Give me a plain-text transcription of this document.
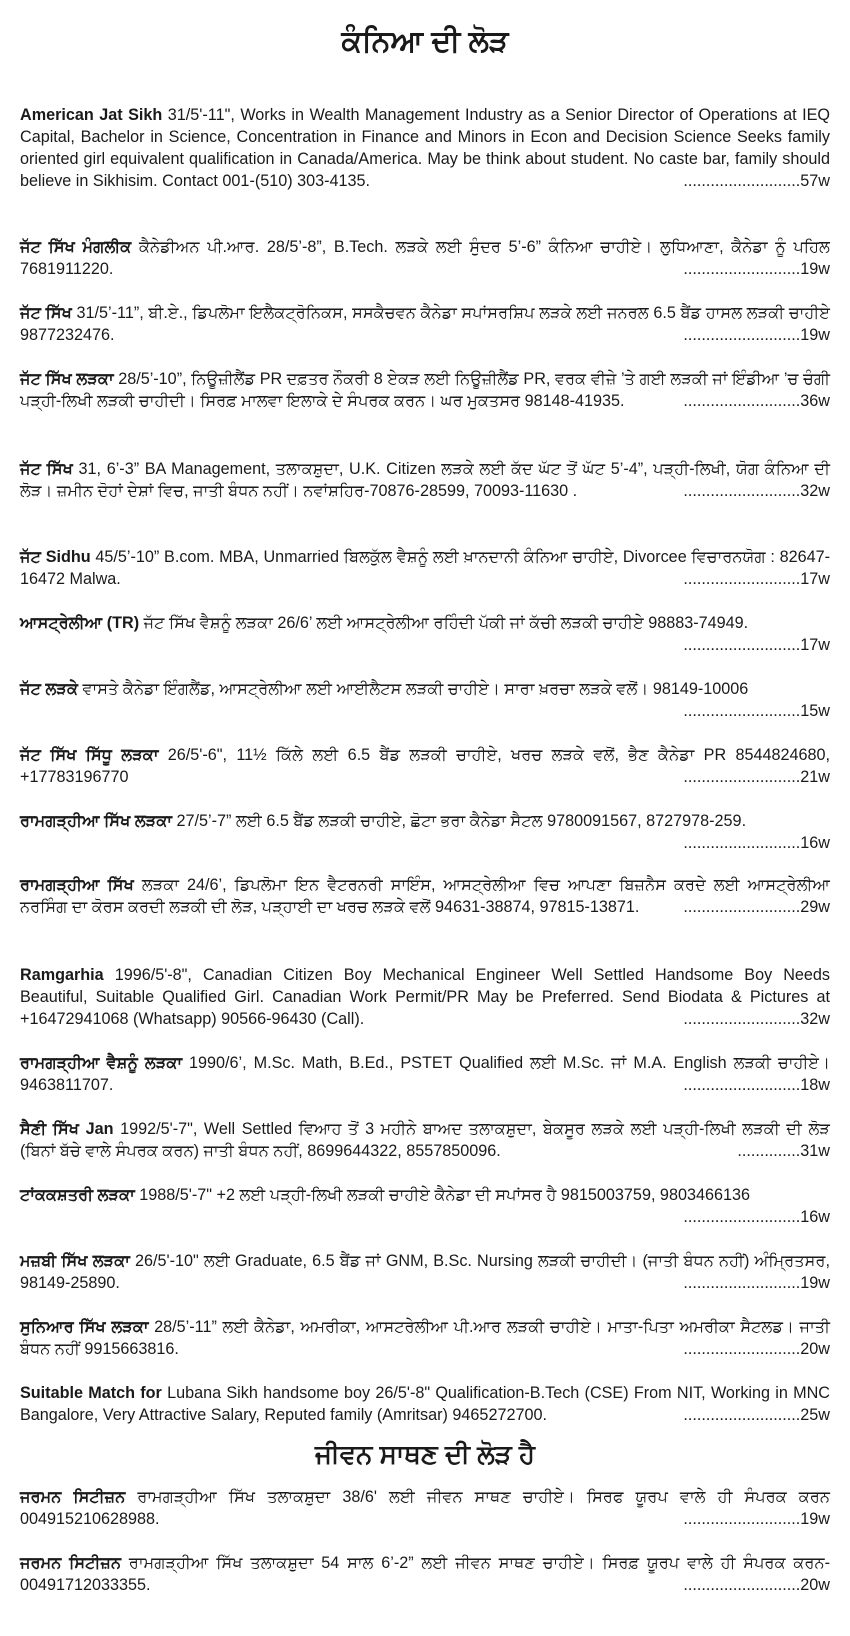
ਕੰਨਿਆ ਦੀ ਲੋੜ
American Jat Sikh 31/5'-11", Works in Wealth Management Industry as a Senior Director of Operations at IEQ Capital, Bachelor in Science, Concentration in Finance and Minors in Econ and Decision Science Seeks family oriented girl equivalent qualification in Canada/America. May be think about student. No caste bar, family should believe in Sikhisim. Contact 001-(510) 303-4135.	..........................57w
ਜੱਟ ਸਿੱਖ ਮੰਗਲੀਕ ਕੈਨੇਡੀਅਨ ਪੀ.ਆਰ. 28/5’-8”, B.Tech. ਲੜਕੇ ਲਈ ਸੁੰਦਰ 5’-6” ਕੰਨਿਆ ਚਾਹੀਏ। ਲੁਧਿਆਣਾ, ਕੈਨੇਡਾ ਨੂੰ ਪਹਿਲ 7681911220.	..........................19w
ਜੱਟ ਸਿੱਖ 31/5’-11”, ਬੀ.ਏ., ਡਿਪਲੋਮਾ ਇਲੈਕਟ੍ਰੋਨਿਕਸ, ਸਸਕੈਚਵਨ ਕੈਨੇਡਾ ਸਪਾਂਸਰਸ਼ਿਪ ਲੜਕੇ ਲਈ ਜਨਰਲ 6.5 ਬੈਂਡ ਹਾਸਲ ਲੜਕੀ ਚਾਹੀਏ 9877232476.	..........................19w
ਜੱਟ ਸਿੱਖ ਲੜਕਾ 28/5’-10”, ਨਿਊਜ਼ੀਲੈਂਡ PR ਦਫ਼ਤਰ ਨੌਕਰੀ 8 ਏਕੜ ਲਈ ਨਿਊਜ਼ੀਲੈਂਡ PR, ਵਰਕ ਵੀਜ਼ੇ ’ਤੇ ਗਈ ਲੜਕੀ ਜਾਂ ਇੰਡੀਆ ’ਚ ਚੰਗੀ ਪੜ੍ਹੀ-ਲਿਖੀ ਲੜਕੀ ਚਾਹੀਦੀ। ਸਿਰਫ਼ ਮਾਲਵਾ ਇਲਾਕੇ ਦੇ ਸੰਪਰਕ ਕਰਨ। ਘਰ ਮੁਕਤਸਰ 98148-41935.	..........................36w
ਜੱਟ ਸਿੱਖ 31, 6’-3” BA Management, ਤਲਾਕਸ਼ੁਦਾ, U.K. Citizen ਲੜਕੇ ਲਈ ਕੱਦ ਘੱਟ ਤੋਂ ਘੱਟ 5’-4”, ਪੜ੍ਹੀ-ਲਿਖੀ, ਯੋਗ ਕੰਨਿਆ ਦੀ ਲੋੜ। ਜ਼ਮੀਨ ਦੋਹਾਂ ਦੇਸ਼ਾਂ ਵਿਚ, ਜਾਤੀ ਬੰਧਨ ਨਹੀਂ। ਨਵਾਂਸ਼ਹਿਰ-70876-28599, 70093-11630 .	..........................32w
ਜੱਟ Sidhu 45/5’-10” B.com. MBA, Unmarried ਬਿਲਕੁੱਲ ਵੈਸ਼ਨੂੰ ਲਈ ਖ਼ਾਨਦਾਨੀ ਕੰਨਿਆ ਚਾਹੀਏ, Divorcee ਵਿਚਾਰਨਯੋਗ : 82647-16472 Malwa.	..........................17w
ਆਸਟ੍ਰੇਲੀਆ (TR) ਜੱਟ ਸਿੱਖ ਵੈਸ਼ਨੂੰ ਲੜਕਾ 26/6’ ਲਈ ਆਸਟ੍ਰੇਲੀਆ ਰਹਿੰਦੀ ਪੱਕੀ ਜਾਂ ਕੱਚੀ ਲੜਕੀ ਚਾਹੀਏ 98883-74949.
..........................17w
ਜੱਟ ਲੜਕੇ ਵਾਸਤੇ ਕੈਨੇਡਾ ਇੰਗਲੈਂਡ, ਆਸਟ੍ਰੇਲੀਆ ਲਈ ਆਈਲੈਟਸ ਲੜਕੀ ਚਾਹੀਏ। ਸਾਰਾ ਖ਼ਰਚਾ ਲੜਕੇ ਵਲੋਂ। 98149-10006
..........................15w
ਜੱਟ ਸਿੱਖ ਸਿੱਧੂ ਲੜਕਾ 26/5'-6", 11½ ਕਿੱਲੇ ਲਈ 6.5 ਬੈਂਡ ਲੜਕੀ ਚਾਹੀਏ, ਖਰਚ ਲੜਕੇ ਵਲੋਂ, ਭੈਣ ਕੈਨੇਡਾ PR 8544824680, +17783196770	..........................21w
ਰਾਮਗੜ੍ਹੀਆ ਸਿੱਖ ਲੜਕਾ 27/5’-7” ਲਈ 6.5 ਬੈਂਡ ਲੜਕੀ ਚਾਹੀਏ, ਛੋਟਾ ਭਰਾ ਕੈਨੇਡਾ ਸੈਟਲ 9780091567, 8727978-259.
..........................16w
ਰਾਮਗੜ੍ਹੀਆ ਸਿੱਖ ਲੜਕਾ 24/6’, ਡਿਪਲੋਮਾ ਇਨ ਵੈਟਰਨਰੀ ਸਾਇੰਸ, ਆਸਟ੍ਰੇਲੀਆ ਵਿਚ ਆਪਣਾ ਬਿਜ਼ਨੈਸ ਕਰਦੇ ਲਈ ਆਸਟ੍ਰੇਲੀਆ ਨਰਸਿੰਗ ਦਾ ਕੋਰਸ ਕਰਦੀ ਲੜਕੀ ਦੀ ਲੋੜ, ਪੜ੍ਹਾਈ ਦਾ ਖਰਚ ਲੜਕੇ ਵਲੋਂ 94631-38874, 97815-13871.	..........................29w
Ramgarhia 1996/5'-8", Canadian Citizen Boy Mechanical Engineer Well Settled Handsome Boy Needs Beautiful, Suitable Qualified Girl. Canadian Work Permit/PR May be Preferred. Send Biodata & Pictures at +16472941068 (Whatsapp) 90566-96430 (Call).	..........................32w
ਰਾਮਗੜ੍ਹੀਆ ਵੈਸ਼ਨੂੰ ਲੜਕਾ 1990/6’, M.Sc. Math, B.Ed., PSTET Qualified ਲਈ M.Sc. ਜਾਂ M.A. English ਲੜਕੀ ਚਾਹੀਏ। 9463811707.	..........................18w
ਸੈਣੀ ਸਿੱਖ Jan 1992/5'-7", Well Settled ਵਿਆਹ ਤੋਂ 3 ਮਹੀਨੇ ਬਾਅਦ ਤਲਾਕਸ਼ੁਦਾ, ਬੇਕਸੂਰ ਲੜਕੇ ਲਈ ਪੜ੍ਹੀ-ਲਿਖੀ ਲੜਕੀ ਦੀ ਲੋੜ (ਬਿਨਾਂ ਬੱਚੇ ਵਾਲੇ ਸੰਪਰਕ ਕਰਨ) ਜਾਤੀ ਬੰਧਨ ਨਹੀਂ, 8699644322, 8557850096.	..............31w
ਟਾਂਕਕਸ਼ਤਰੀ ਲੜਕਾ 1988/5'-7" +2 ਲਈ ਪੜ੍ਹੀ-ਲਿਖੀ ਲੜਕੀ ਚਾਹੀਏ ਕੈਨੇਡਾ ਦੀ ਸਪਾਂਸਰ ਹੈ 9815003759, 9803466136
..........................16w
ਮਜ਼ਬੀ ਸਿੱਖ ਲੜਕਾ 26/5'-10" ਲਈ Graduate, 6.5 ਬੈਂਡ ਜਾਂ GNM, B.Sc. Nursing ਲੜਕੀ ਚਾਹੀਦੀ। (ਜਾਤੀ ਬੰਧਨ ਨਹੀਂ) ਅੰਮ੍ਰਿਤਸਰ, 98149-25890.	..........................19w
ਸੁਨਿਆਰ ਸਿੱਖ ਲੜਕਾ 28/5’-11” ਲਈ ਕੈਨੇਡਾ, ਅਮਰੀਕਾ, ਆਸਟਰੇਲੀਆ ਪੀ.ਆਰ ਲੜਕੀ ਚਾਹੀਏ। ਮਾਤਾ-ਪਿਤਾ ਅਮਰੀਕਾ ਸੈਟਲਡ। ਜਾਤੀ ਬੰਧਨ ਨਹੀਂ 9915663816.	..........................20w
Suitable Match for Lubana Sikh handsome boy 26/5'-8" Qualification-B.Tech (CSE) From NIT, Working in MNC Bangalore, Very Attractive Salary, Reputed family (Amritsar) 9465272700.	..........................25w
ਜੀਵਨ ਸਾਥਣ ਦੀ ਲੋੜ ਹੈ
ਜਰਮਨ ਸਿਟੀਜ਼ਨ ਰਾਮਗੜ੍ਹੀਆ ਸਿੱਖ ਤਲਾਕਸ਼ੁਦਾ 38/6' ਲਈ ਜੀਵਨ ਸਾਥਣ ਚਾਹੀਏ। ਸਿਰਫ ਯੂਰਪ ਵਾਲੇ ਹੀ ਸੰਪਰਕ ਕਰਨ 004915210628988.	..........................19w
ਜਰਮਨ ਸਿਟੀਜ਼ਨ ਰਾਮਗੜ੍ਹੀਆ ਸਿੱਖ ਤਲਾਕਸ਼ੁਦਾ 54 ਸਾਲ 6’-2” ਲਈ ਜੀਵਨ ਸਾਥਣ ਚਾਹੀਏ। ਸਿਰਫ਼ ਯੂਰਪ ਵਾਲੇ ਹੀ ਸੰਪਰਕ ਕਰਨ- 00491712033355.	..........................20w
